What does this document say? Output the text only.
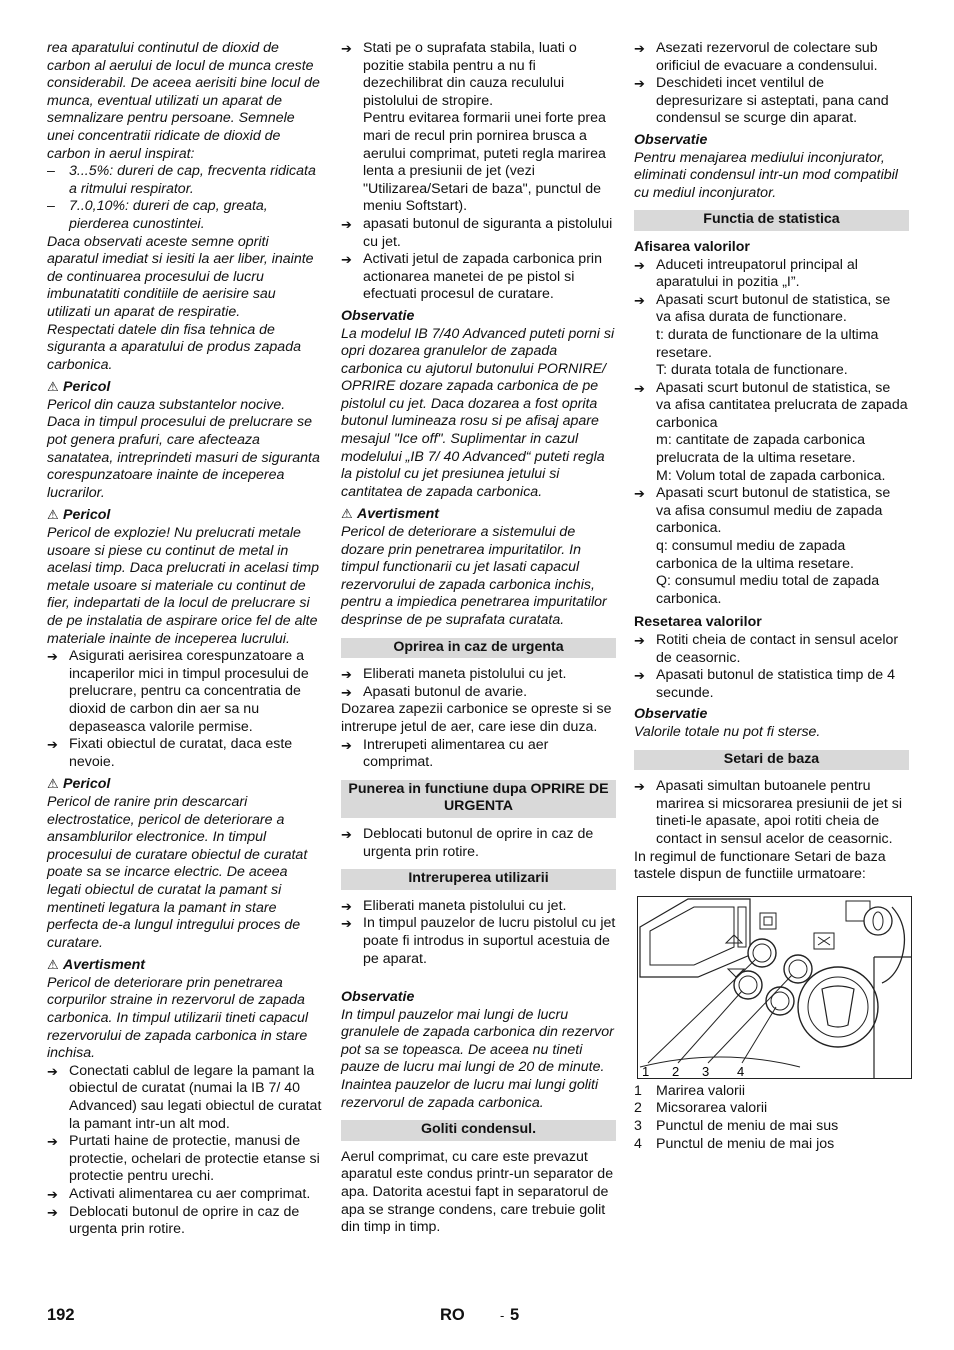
rea aparatului continutul de dioxid de carbon al aerului de locul de munca creste considerabil. De aceea aerisiti bine locul de munca, eventual utilizati un aparat de semnalizare pentru persoane. Semnele unei concentratii ridicate de dioxid de carbon in aerul inspirat:

– 3...5%: dureri de cap, frecventa ridicata a ritmului respirator.

– 7..0,10%: dureri de cap, greata, pierderea cunostintei.

Daca observati aceste semne opriti aparatul imediat si iesiti la aer liber, inainte de continuarea procesului de lucru imbunatatiti conditiile de aerisire sau utilizati un aparat de respiratie.

Respectati datele din fisa tehnica de siguranta a aparatului de produs zapada carbonica.

⚠ Pericol

Pericol din cauza substantelor nocive. Daca in timpul procesului de prelucrare se pot genera prafuri, care afecteaza sanatatea, intreprindeti masuri de siguranta corespunzatoare inainte de inceperea lucrarilor.

⚠ Pericol

Pericol de explozie! Nu prelucrati metale usoare si piese cu continut de metal in acelasi timp. Daca prelucrati in acelasi timp metale usoare si materiale cu continut de fier, indepartati de la locul de prelucrare si de pe instalatia de aspirare orice fel de alte materiale inainte de inceperea lucrului.

➔ Asigurati aerisirea corespunzatoare a incaperilor mici in timpul procesului de prelucrare, pentru ca concentratia de dioxid de carbon din aer sa nu depaseasca valorile permise.

➔ Fixati obiectul de curatat, daca este nevoie.

⚠ Pericol

Pericol de ranire prin descarcari electrostatice, pericol de deteriorare a ansamblurilor electronice. In timpul procesului de curatare obiectul de curatat poate sa se incarce electric. De aceea legati obiectul de curatat la pamant si mentineti legatura la pamant in stare perfecta de-a lungul intregului proces de curatare.

⚠ Avertisment

Pericol de deteriorare prin penetrarea corpurilor straine in rezervorul de zapada carbonica. In timpul utilizarii tineti capacul rezervorului de zapada carbonica in stare inchisa.

➔ Conectati cablul de legare la pamant la obiectul de curatat (numai la IB 7/ 40 Advanced) sau legati obiectul de curatat la pamant intr-un alt mod.

➔ Purtati haine de protectie, manusi de protectie, ochelari de protectie etanse si protectie pentru urechi.

➔ Activati alimentarea cu aer comprimat.

➔ Deblocati butonul de oprire in caz de urgenta prin rotire.

➔ Stati pe o suprafata stabila, luati o pozitie stabila pentru a nu fi dezechilibrat din cauza reculului pistolului de stropire.

Pentru evitarea formarii unei forte prea mari de recul prin pornirea brusca a aerului comprimat, puteti regla marirea lenta a presiunii de jet (vezi "Utilizarea/Setari de baza", punctul de meniu Softstart).

➔ apasati butonul de siguranta a pistolului cu jet.

➔ Activati jetul de zapada carbonica prin actionarea manetei de pe pistol si efectuati procesul de curatare.

Observatie

La modelul IB 7/40 Advanced puteti porni si opri dozarea granulelor de zapada carbonica cu ajutorul butonului PORNIRE/ OPRIRE dozare zapada carbonica de pe pistolul cu jet. Daca dozarea a fost oprita butonul lumineaza rosu si pe afisaj apare mesajul "Ice off". Suplimentar in cazul modelului „IB 7/ 40 Advanced“ puteti regla la pistolul cu jet presiunea jetului si cantitatea de zapada carbonica.

⚠ Avertisment

Pericol de deteriorare a sistemului de dozare prin penetrarea impuritatilor. In timpul functionarii cu jet lasati capacul rezervorului de zapada carbonica inchis, pentru a impiedica penetrarea impuritatilor desprinse de pe suprafata curatata.

Oprirea in caz de urgenta

➔ Eliberati maneta pistolului cu jet.

➔ Apasati butonul de avarie.

Dozarea zapezii carbonice se opreste si se intrerupe jetul de aer, care iese din duza.

➔ Intrerupeti alimentarea cu aer comprimat.

Punerea in functiune dupa OPRIRE DE URGENTA

➔ Deblocati butonul de oprire in caz de urgenta prin rotire.

Intreruperea utilizarii

➔ Eliberati maneta pistolului cu jet.

➔ In timpul pauzelor de lucru pistolul cu jet poate fi introdus in suportul acestuia de pe aparat.

Observatie

In timpul pauzelor mai lungi de lucru granulele de zapada carbonica din rezervor pot sa se topeasca. De aceea nu tineti pauze de lucru mai lungi de 20 de minute. Inaintea pauzelor de lucru mai lungi goliti rezervorul de zapada carbonica.

Goliti condensul.

Aerul comprimat, cu care este prevazut aparatul este condus printr-un separator de apa. Datorita acestui fapt in separatorul de apa se strange condens, care trebuie golit din timp in timp.

➔ Asezati rezervorul de colectare sub orificiul de evacuare a condensului.

➔ Deschideti incet ventilul de depresurizare si asteptati, pana cand condensul se scurge din aparat.

Observatie

Pentru menajarea mediului inconjurator, eliminati condensul intr-un mod compatibil cu mediul inconjurator.

Functia de statistica

Afisarea valorilor

➔ Aduceti intreupatorul principal al aparatului in pozitia „I”.

➔ Apasati scurt butonul de statistica, se va afisa durata de functionare.

t: durata de functionare de la ultima resetare.

T: durata totala de functionare.

➔ Apasati scurt butonul de statistica, se va afisa cantitatea prelucrata de zapada carbonica

m: cantitate de zapada carbonica prelucrata de la ultima resetare.

M: Volum total de zapada carbonica.

➔ Apasati scurt butonul de statistica, se va afisa consumul mediu de zapada carbonica.

q: consumul mediu de zapada carbonica de la ultima resetare.

Q: consumul mediu total de zapada carbonica.

Resetarea valorilor

➔ Rotiti cheia de contact in sensul acelor de ceasornic.

➔ Apasati butonul de statistica timp de 4 secunde.

Observatie

Valorile totale nu pot fi sterse.

Setari de baza

➔ Apasati simultan butoanele pentru marirea si micsorarea presiunii de jet si tineti-le apasate, apoi rotiti cheia de contact in sensul acelor de ceasornic.

In regimul de functionare Setari de baza tastele dispun de functiile urmatoare:

1 2 3 4

1 Marirea valorii

2 Micsorarea valorii

3 Punctul de meniu de mai sus

4 Punctul de meniu de mai jos

192	RO	- 5
